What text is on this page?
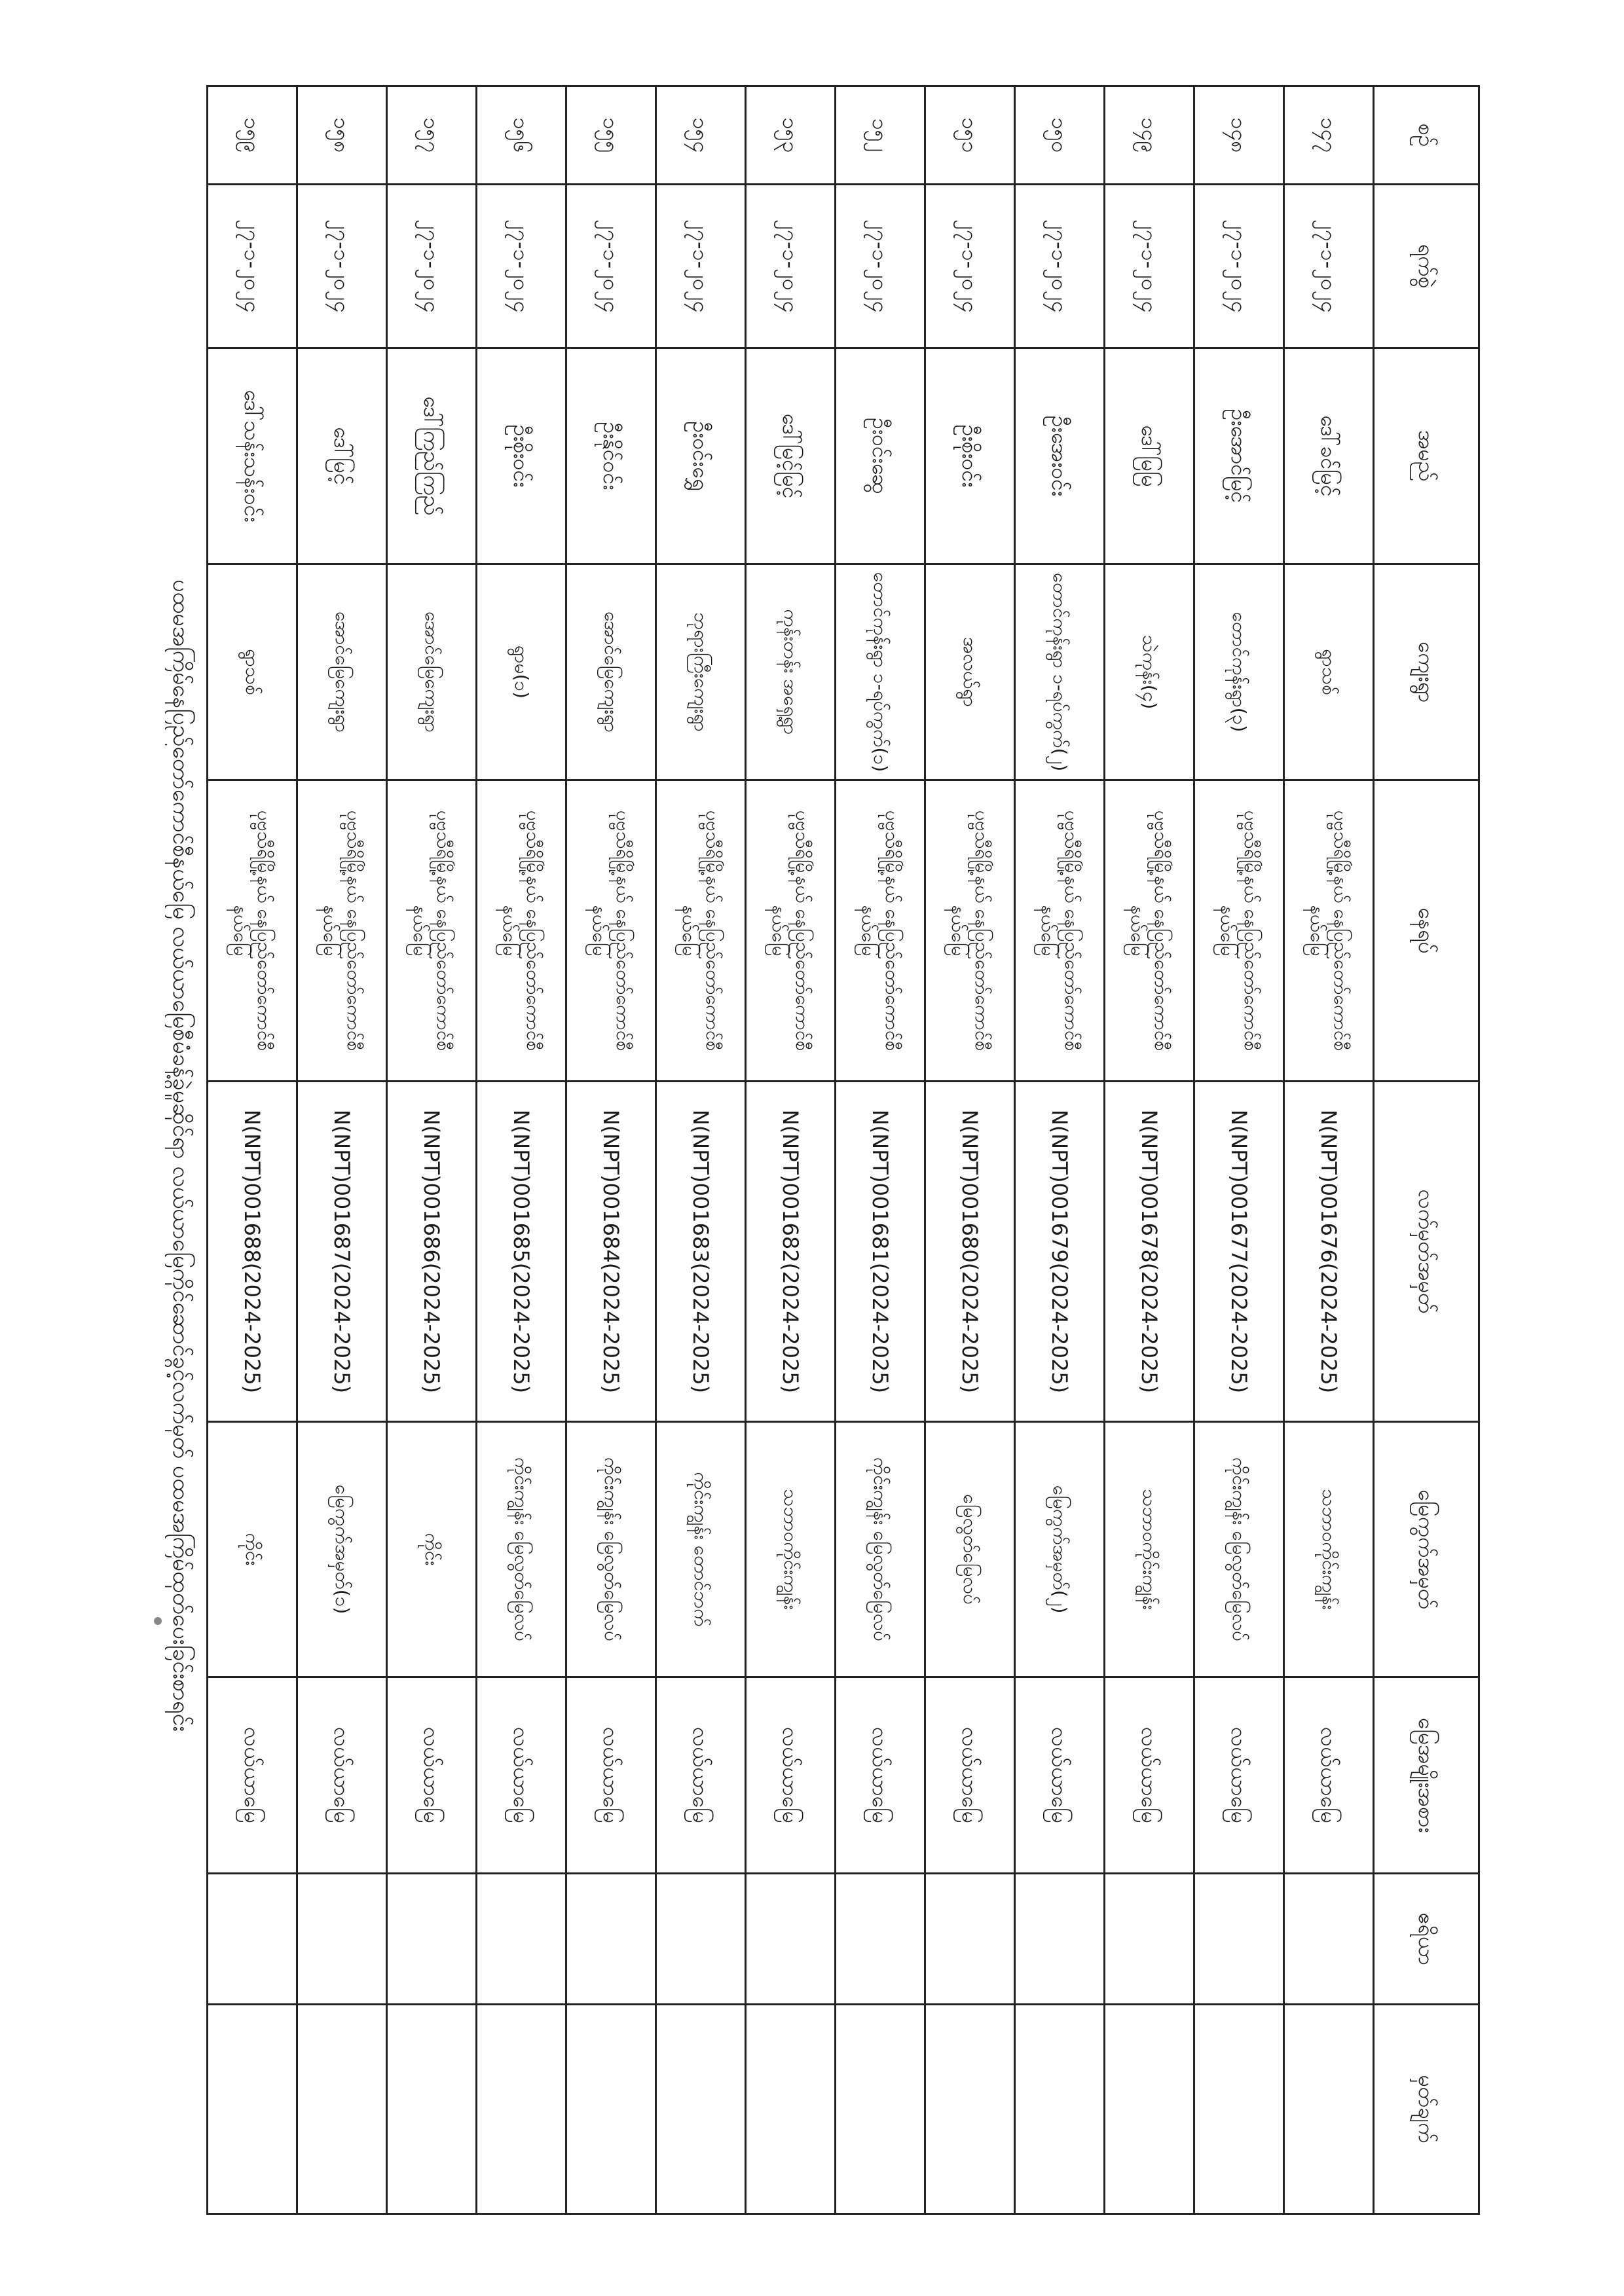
စဉ်	ရက်စွဲ	အမည်	ကျေးရွာ	နေရပ်	လက်မှတ်အမှတ်	မြေကွက်အမှတ်	မြေအမျိုးအစား	ဧရိယာ	မှတ်ချက်
၁၄၇	၂၇-၁-၂၀၂၄	ဒေါ်ခင်မြင့်	ရွာသစ်	ပုဗ္ဗသီရိမြို့နယ် နေပြည်တော်ကောင်စီနယ်မြေ	N(NPT)001676(2024-2025)	သဘာဝကိုင်းကျွန်း	လယ်ယာမြေ		
၁၄၈	၂၇-၁-၂၀၂၄	ဦးအောင်မြင့်	တောင်ကုန်းရွာ(၃)	ပုဗ္ဗသီရိမြို့နယ် နေပြည်တော်ကောင်စီနယ်မြေ	N(NPT)001677(2024-2025)	ကိုင်းကျွန်း မြေလွတ်မြေလပ်	လယ်ယာမြေ		
၁၄၉	၂၇-၁-၂၀၂၄	ဒေါ်မြမြ	သဲကုန်း(၄)	ပုဗ္ဗသီရိမြို့နယ် နေပြည်တော်ကောင်စီနယ်မြေ	N(NPT)001678(2024-2025)	သဘာဝကိုင်းကျွန်း	လယ်ယာမြေ		
၁၅၀	၂၇-၁-၂၀၂၄	ဦးအေးဝင်း	တောင်ကုန်းရွာ ၁-ရပ်ကွက်(၂)	ပုဗ္ဗသီရိမြို့နယ် နေပြည်တော်ကောင်စီနယ်မြေ	N(NPT)001679(2024-2025)	မြေကွက်အမှတ်(၂)	လယ်ယာမြေ		
၁၅၁	၂၇-၁-၂၀၂၄	ဦးစိုးဝင်း	အလယ်ရွာ	ပုဗ္ဗသီရိမြို့နယ် နေပြည်တော်ကောင်စီနယ်မြေ	N(NPT)001680(2024-2025)	မြေလွတ်မြေလပ်	လယ်ယာမြေ		
၁၅၂	၂၇-၁-၂၀၂၄	ဦးဝင်းဆွေ	တောင်ကုန်းရွာ ၁-ရပ်ကွက်(၁)	ပုဗ္ဗသီရိမြို့နယ် နေပြည်တော်ကောင်စီနယ်မြေ	N(NPT)001681(2024-2025)	ကိုင်းကျွန်း မြေလွတ်မြေလပ်	လယ်ယာမြေ		
၁၅၃	၂၇-၁-၂၀၂၄	ဒေါ်မြင့်မြင့်	ကုန်းတန်း အရှေ့ရွာ	ပုဗ္ဗသီရိမြို့နယ် နေပြည်တော်ကောင်စီနယ်မြေ	N(NPT)001682(2024-2025)	သဘာဝကိုင်းကျွန်း	လယ်ယာမြေ		
၁၅၄	၂၇-၁-၂၀၂၄	ဦးဝင်းရွှေ	ဘုရားကြီးကျေးရွာ	ပုဗ္ဗသီရိမြို့နယ် နေပြည်တော်ကောင်စီနယ်မြေ	N(NPT)001683(2024-2025)	ကိုင်းကျွန်း တောင်ဘက်	လယ်ယာမြေ		
၁၅၅	၂၇-၁-၂၀၂၄	ဦးနိုင်ဝင်း	အောင်မြေကျေးရွာ	ပုဗ္ဗသီရိမြို့နယ် နေပြည်တော်ကောင်စီနယ်မြေ	N(NPT)001684(2024-2025)	ကိုင်းကျွန်း မြေလွတ်မြေလပ်	လယ်ယာမြေ		
၁၅၆	၂၇-၁-၂၀၂၄	ဦးစိုးဝင်း	ရွာမ(၁)	ပုဗ္ဗသီရိမြို့နယ် နေပြည်တော်ကောင်စီနယ်မြေ	N(NPT)001685(2024-2025)	ကိုင်းကျွန်း မြေလွတ်မြေလပ်	လယ်ယာမြေ		
၁၅၇	၂၇-၁-၂၀၂၄	ဒေါ်ကြည်ကြည်	အောင်မြေကျေးရွာ	ပုဗ္ဗသီရိမြို့နယ် နေပြည်တော်ကောင်စီနယ်မြေ	N(NPT)001686(2024-2025)	ကိုင်း	လယ်ယာမြေ		
၁၅၈	၂၇-၁-၂၀၂၄	ဒေါ်မြင့်	အောင်မြေကျေးရွာ	ပုဗ္ဗသီရိမြို့နယ် နေပြည်တော်ကောင်စီနယ်မြေ	N(NPT)001687(2024-2025)	မြေကွက်အမှတ်(၁)	လယ်ယာမြေ		
၁၅၉	၂၇-၁-၂၀၂၄	ဒေါ်သန်းသန်းဝင်း	ရွာသစ်	ပုဗ္ဗသီရိမြို့နယ် နေပြည်တော်ကောင်စီနယ်မြေ	N(NPT)001688(2024-2025)	ကိုင်း	လယ်ယာမြေ		
ပထမအကြိမ်နေပြည်တော်ကောင်စီနယ်မြေ လယ်ယာမြေစီမံခန့်ခွဲမှုဆိုင်ရာ လယ်ယာမြေကိုင်ဆောင်ခွင့်လက်မှတ် ပထမအကြိမ်ထုတ်ပေးခြင်းစာရင်း
